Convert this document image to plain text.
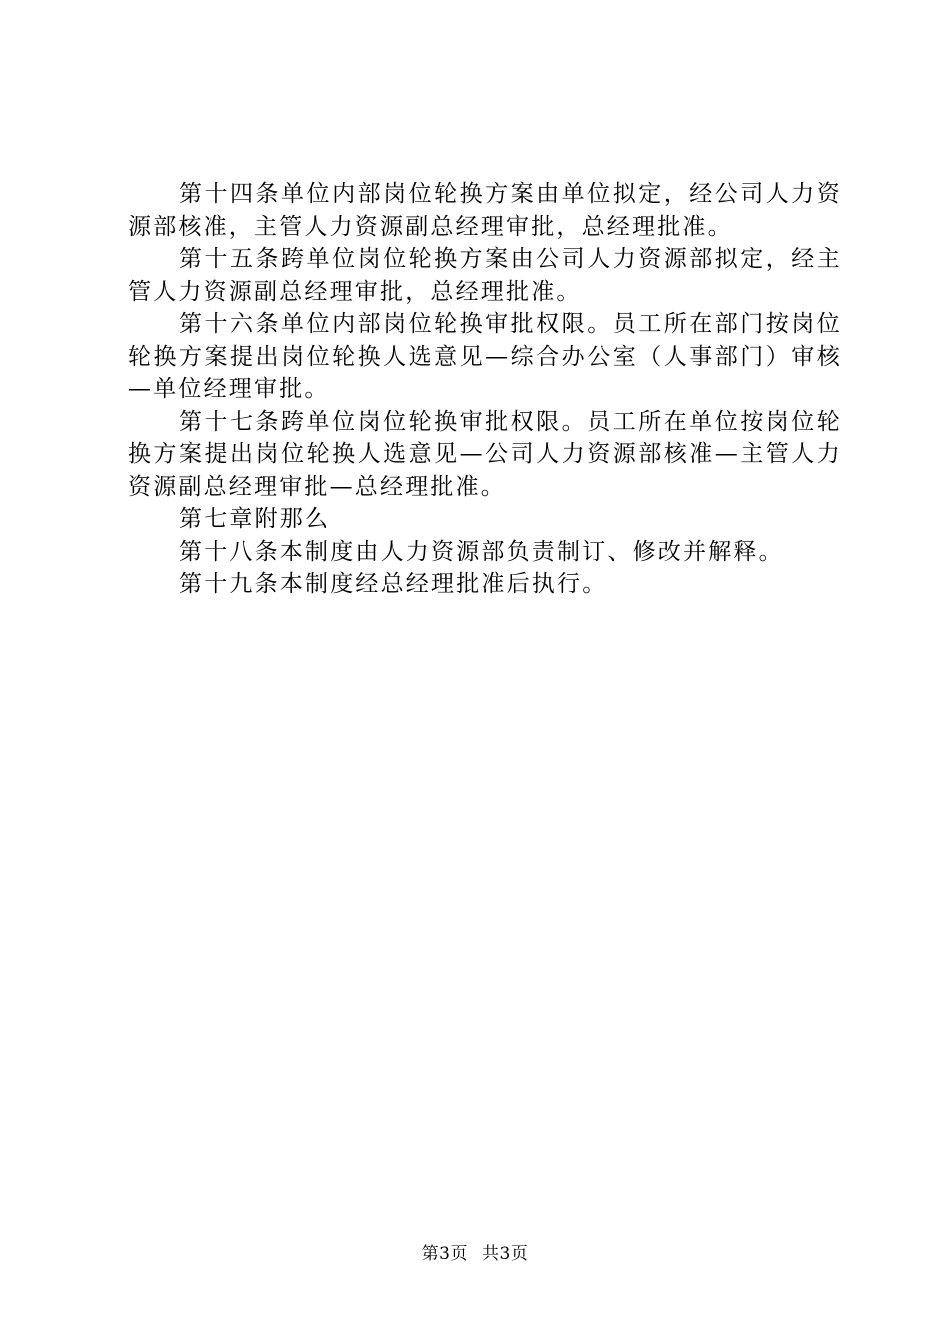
第十四条单位内部岗位轮换方案由单位拟定，经公司人力资源部核准，主管人力资源副总经理审批，总经理批准。

第十五条跨单位岗位轮换方案由公司人力资源部拟定，经主管人力资源副总经理审批，总经理批准。

第十六条单位内部岗位轮换审批权限。员工所在部门按岗位轮换方案提出岗位轮换人选意见—综合办公室（人事部门）审核—单位经理审批。

第十七条跨单位岗位轮换审批权限。员工所在单位按岗位轮换方案提出岗位轮换人选意见—公司人力资源部核准—主管人力资源副总经理审批—总经理批准。

第七章附那么

第十八条本制度由人力资源部负责制订、修改并解释。

第十九条本制度经总经理批准后执行。

第3页 共3页
